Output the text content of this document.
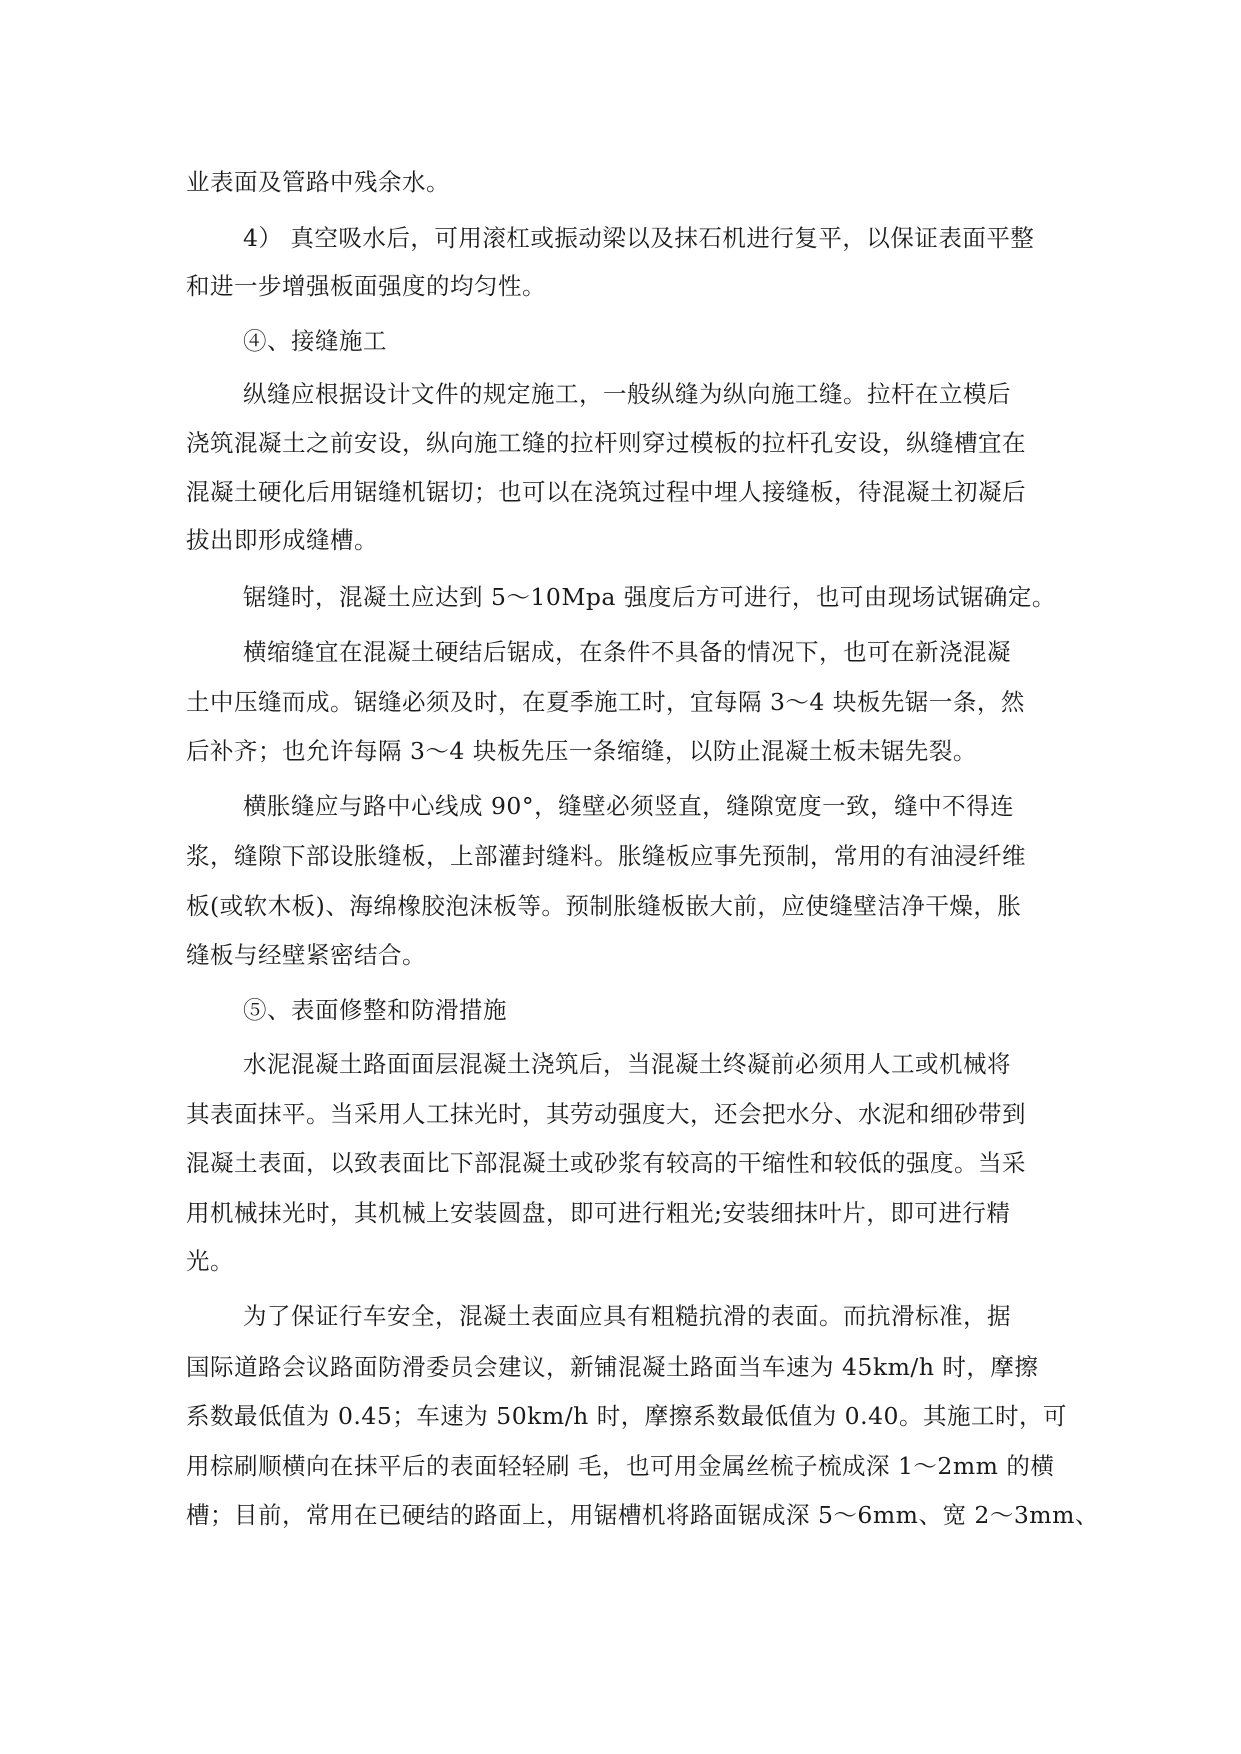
业表面及管路中残余水。
4） 真空吸水后，可用滚杠或振动梁以及抹石机进行复平，以保证表面平整
和进一步增强板面强度的均匀性。
④、接缝施工
纵缝应根据设计文件的规定施工，一般纵缝为纵向施工缝。拉杆在立模后
浇筑混凝土之前安设，纵向施工缝的拉杆则穿过模板的拉杆孔安设，纵缝槽宜在
混凝土硬化后用锯缝机锯切；也可以在浇筑过程中埋人接缝板，待混凝土初凝后
拔出即形成缝槽。
锯缝时，混凝土应达到 5～10Mpa 强度后方可进行，也可由现场试锯确定。
横缩缝宜在混凝土硬结后锯成，在条件不具备的情况下，也可在新浇混凝
土中压缝而成。锯缝必须及时，在夏季施工时，宜每隔 3～4 块板先锯一条，然
后补齐；也允许每隔 3～4 块板先压一条缩缝，以防止混凝土板未锯先裂。
横胀缝应与路中心线成 90°，缝壁必须竖直，缝隙宽度一致，缝中不得连
浆，缝隙下部设胀缝板，上部灌封缝料。胀缝板应事先预制，常用的有油浸纤维
板(或软木板)、海绵橡胶泡沫板等。预制胀缝板嵌大前，应使缝壁洁净干燥，胀
缝板与经壁紧密结合。
⑤、表面修整和防滑措施
水泥混凝土路面面层混凝土浇筑后，当混凝土终凝前必须用人工或机械将
其表面抹平。当采用人工抹光时，其劳动强度大，还会把水分、水泥和细砂带到
混凝土表面，以致表面比下部混凝土或砂浆有较高的干缩性和较低的强度。当采
用机械抹光时，其机械上安装圆盘，即可进行粗光;安装细抹叶片，即可进行精
光。
为了保证行车安全，混凝土表面应具有粗糙抗滑的表面。而抗滑标准，据
国际道路会议路面防滑委员会建议，新铺混凝土路面当车速为 45km/h 时，摩擦
系数最低值为 0.45；车速为 50km/h 时，摩擦系数最低值为 0.40。其施工时，可
用棕刷顺横向在抹平后的表面轻轻刷 毛，也可用金属丝梳子梳成深 1～2mm 的横
槽；目前，常用在已硬结的路面上，用锯槽机将路面锯成深 5～6mm、宽 2～3mm、
